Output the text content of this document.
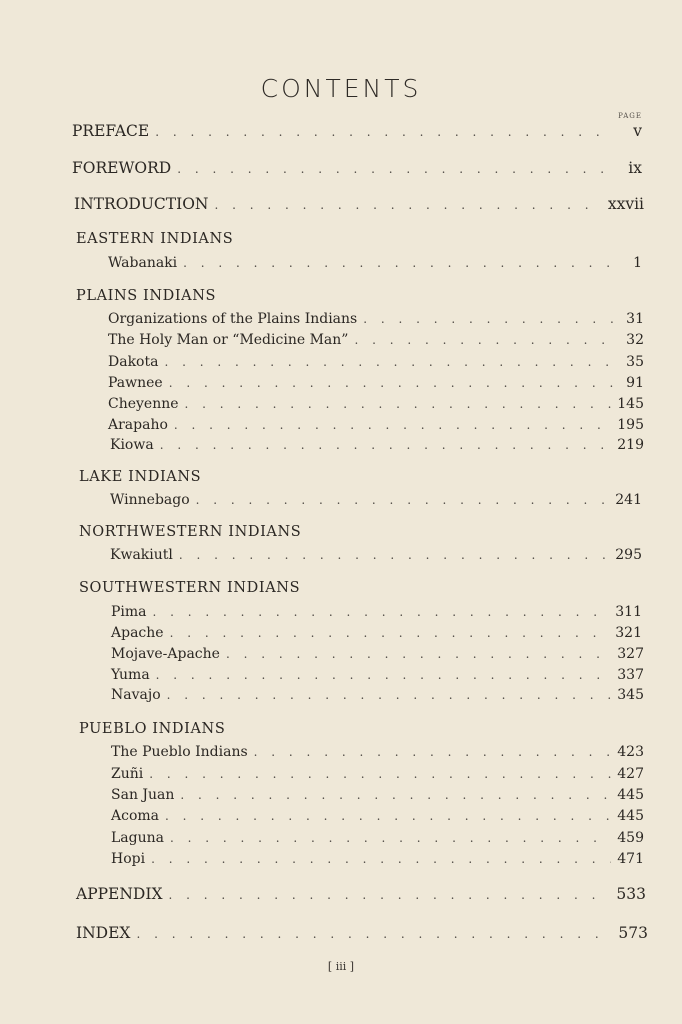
CONTENTS
PAGE
PREFACE . . .	v
FOREWORD . . .	ix
INTRODUCTION . . .	xxvii
EASTERN INDIANS
Wabanaki . . .	1
PLAINS INDIANS
Organizations of the Plains Indians . . .	31
The Holy Man or “Medicine Man” . . .	32
Dakota . . .	35
Pawnee . . .	91
Cheyenne . . .	145
Arapaho . . .	195
Kiowa . . .	219
LAKE INDIANS
Winnebago . . .	241
NORTHWESTERN INDIANS
Kwakiutl . . .	295
SOUTHWESTERN INDIANS
Pima . . .	311
Apache . . .	321
Mojave-Apache . . .	327
Yuma . . .	337
Navajo . . .	345
PUEBLO INDIANS
The Pueblo Indians . . .	423
Zuñi . . .	427
San Juan . . .	445
Acoma . . .	445
Laguna . . .	459
Hopi . . .	471
APPENDIX . . .	533
INDEX . . .	573
[ iii ]
